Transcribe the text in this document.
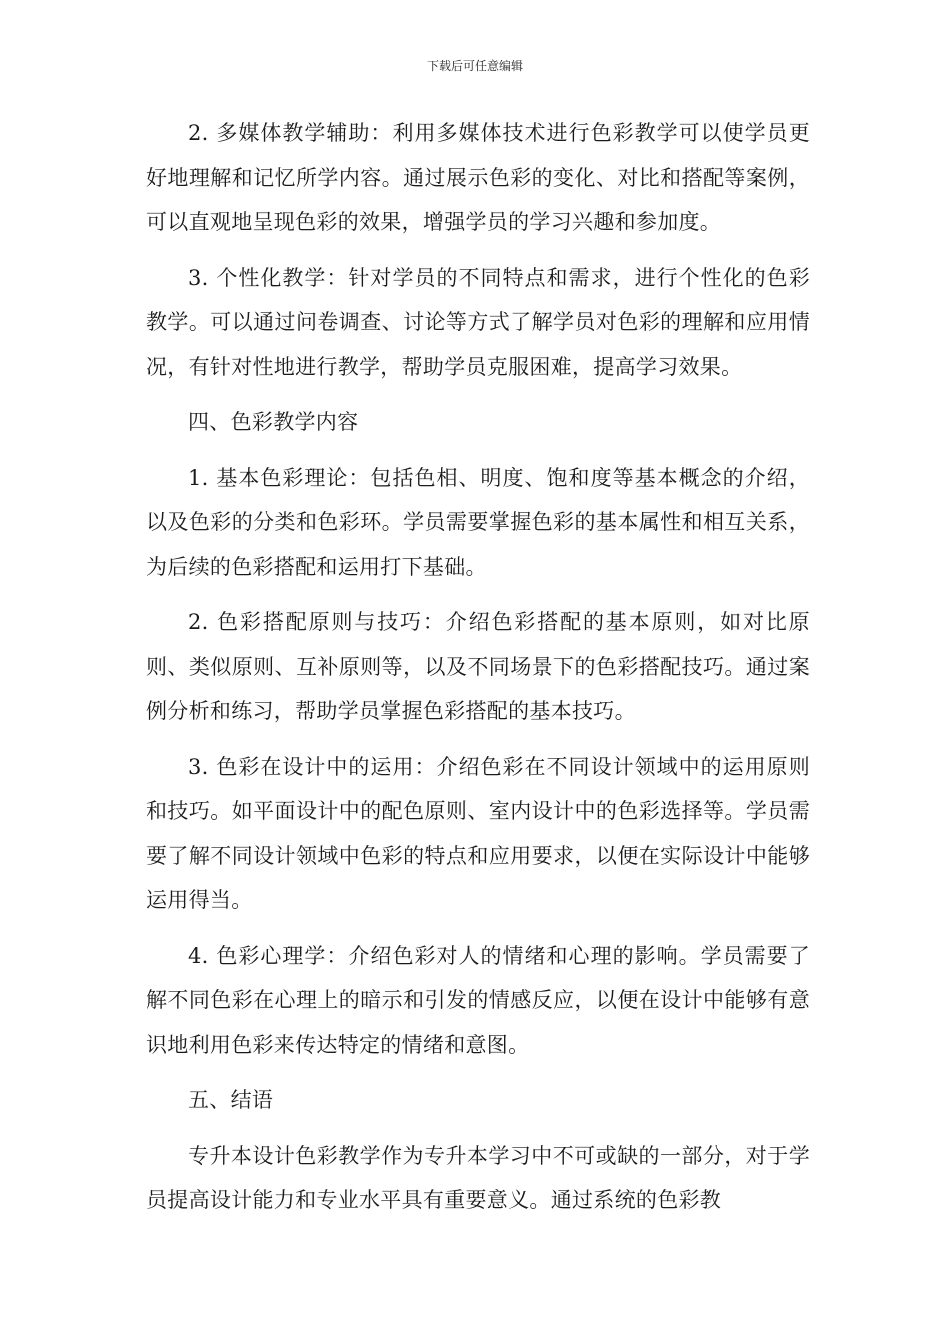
下载后可任意编辑

2. 多媒体教学辅助：利用多媒体技术进行色彩教学可以使学员更好地理解和记忆所学内容。通过展示色彩的变化、对比和搭配等案例，可以直观地呈现色彩的效果，增强学员的学习兴趣和参加度。

3. 个性化教学：针对学员的不同特点和需求，进行个性化的色彩教学。可以通过问卷调查、讨论等方式了解学员对色彩的理解和应用情况，有针对性地进行教学，帮助学员克服困难，提高学习效果。

四、色彩教学内容

1. 基本色彩理论：包括色相、明度、饱和度等基本概念的介绍，以及色彩的分类和色彩环。学员需要掌握色彩的基本属性和相互关系，为后续的色彩搭配和运用打下基础。

2. 色彩搭配原则与技巧：介绍色彩搭配的基本原则，如对比原则、类似原则、互补原则等，以及不同场景下的色彩搭配技巧。通过案例分析和练习，帮助学员掌握色彩搭配的基本技巧。

3. 色彩在设计中的运用：介绍色彩在不同设计领域中的运用原则和技巧。如平面设计中的配色原则、室内设计中的色彩选择等。学员需要了解不同设计领域中色彩的特点和应用要求，以便在实际设计中能够运用得当。

4. 色彩心理学：介绍色彩对人的情绪和心理的影响。学员需要了解不同色彩在心理上的暗示和引发的情感反应，以便在设计中能够有意识地利用色彩来传达特定的情绪和意图。

五、结语

专升本设计色彩教学作为专升本学习中不可或缺的一部分，对于学员提高设计能力和专业水平具有重要意义。通过系统的色彩教
